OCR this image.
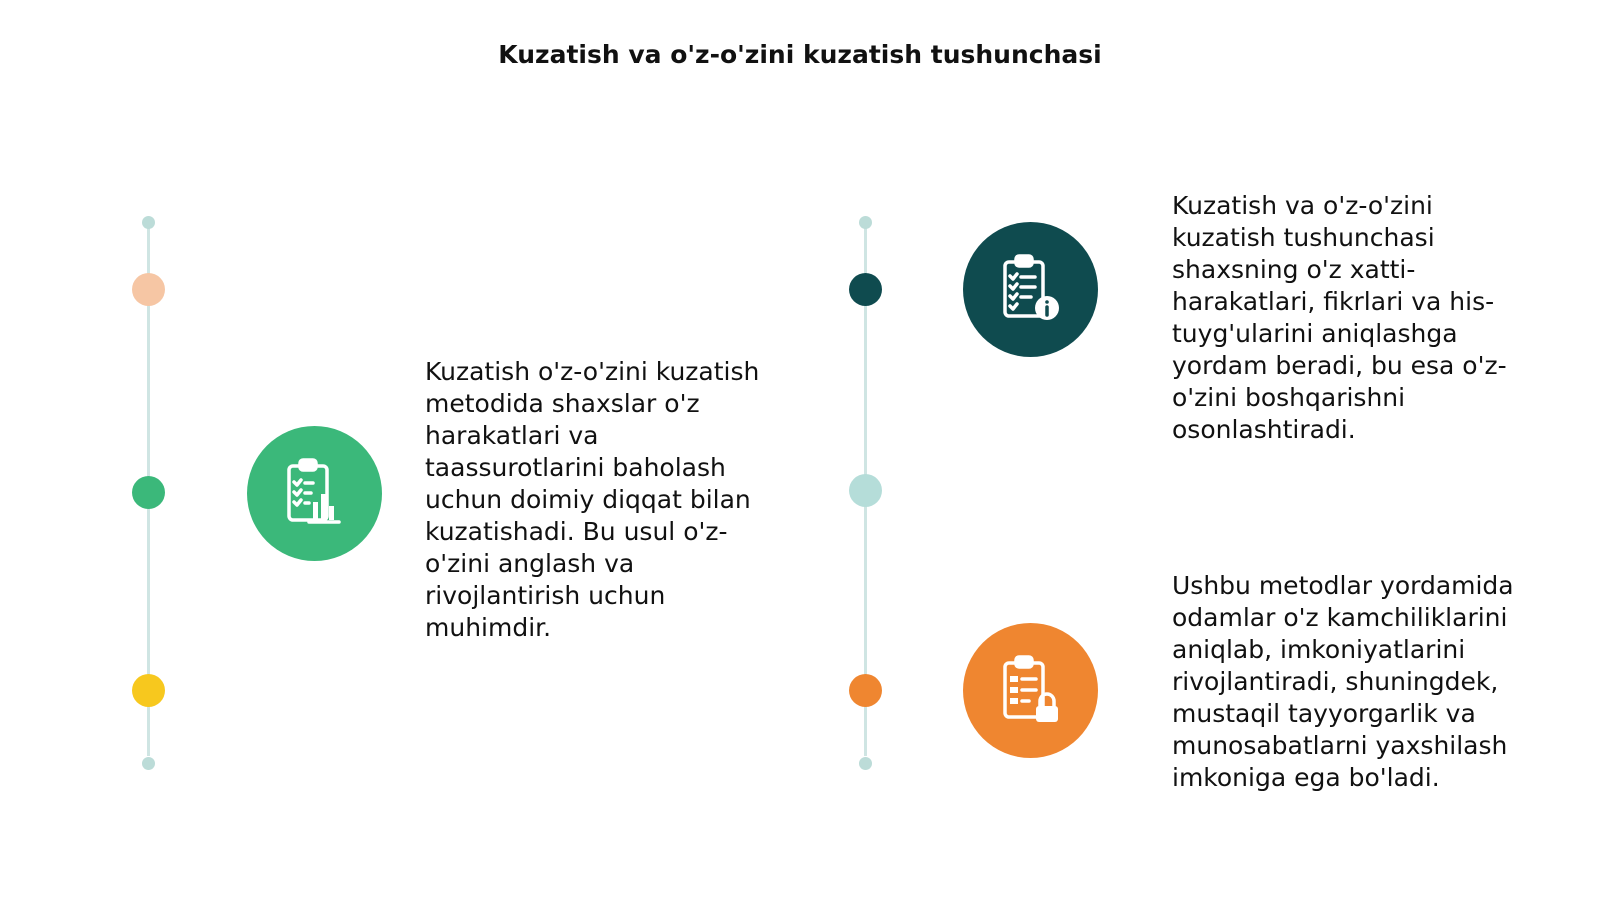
Kuzatish va o'z-o'zini kuzatish tushunchasi

Kuzatish o'z-o'zini kuzatish metodida shaxslar o'z harakatlari va taassurotlarini baholash uchun doimiy diqqat bilan kuzatishadi. Bu usul o'z-o'zini anglash va rivojlantirish uchun muhimdir.

Kuzatish va o'z-o'zini kuzatish tushunchasi shaxsning o'z xatti-harakatlari, fikrlari va his-tuyg'ularini aniqlashga yordam beradi, bu esa o'z-o'zini boshqarishni osonlashtiradi.

Ushbu metodlar yordamida odamlar o'z kamchiliklarini aniqlab, imkoniyatlarini rivojlantiradi, shuningdek, mustaqil tayyorgarlik va munosabatlarni yaxshilash imkoniga ega bo'ladi.
